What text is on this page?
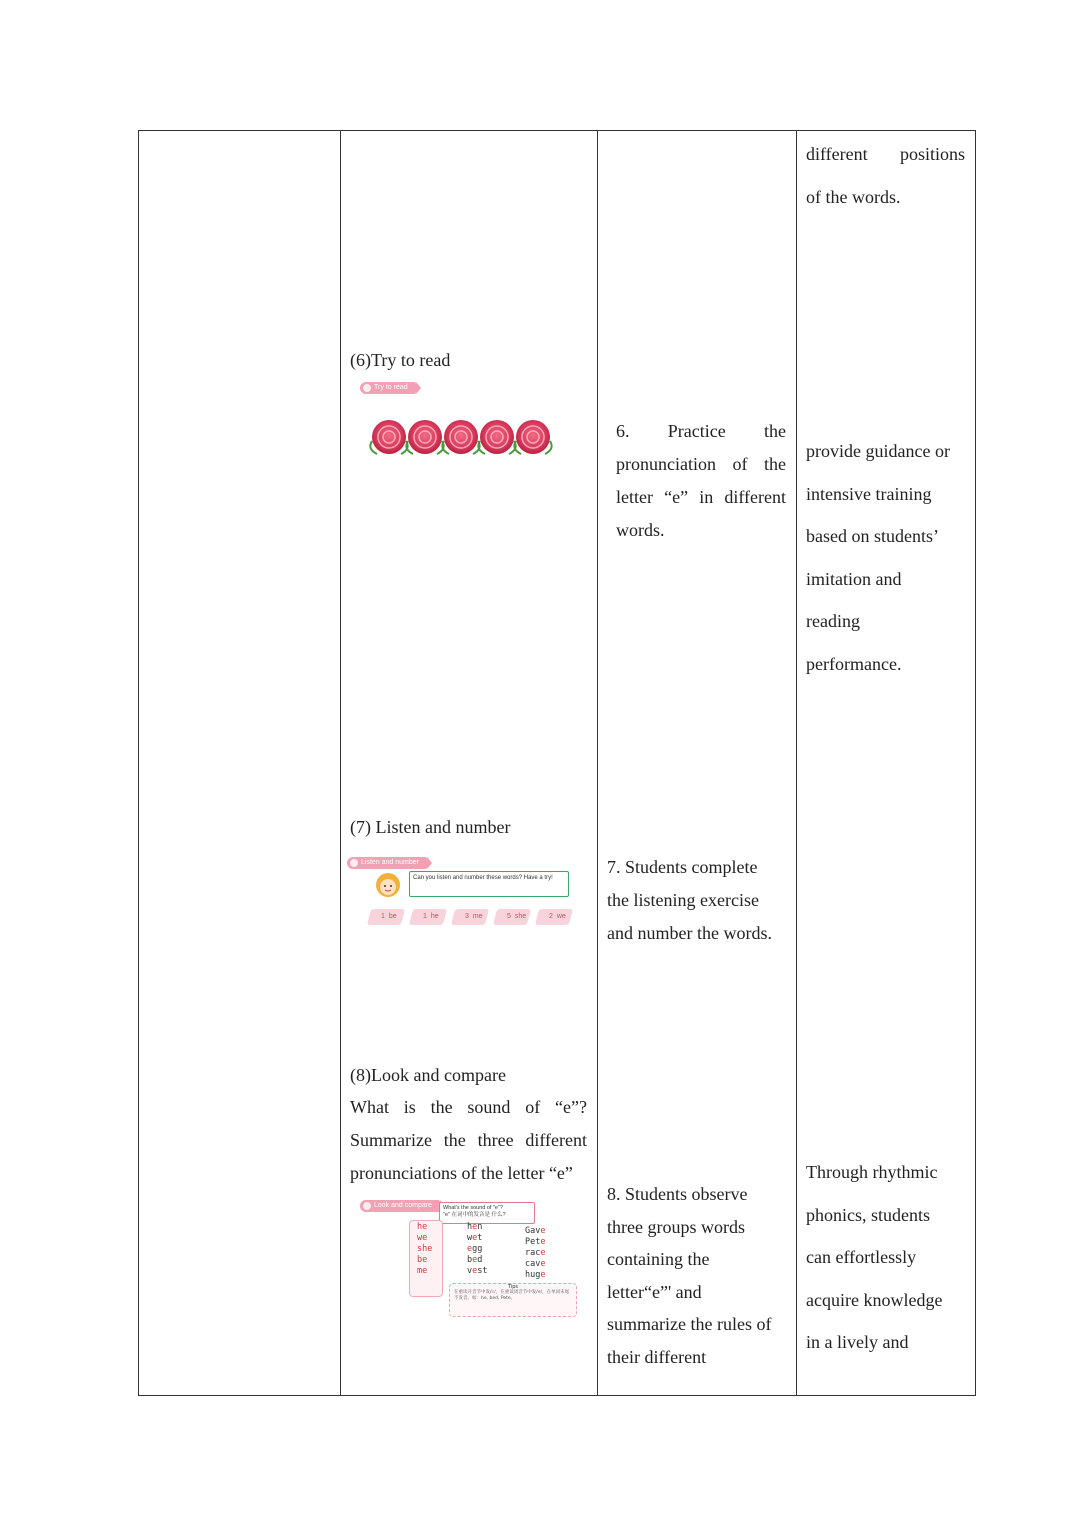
(6)Try to read
Try to read
(7) Listen and number
Listen and number
Can you listen and number these words? Have a try!
1 be	1 he	3 me	5 she	2 we
(8)Look and compare
What is the sound of “e”?
Summarize the three different
pronunciations of the letter “e”
Look and compare	What's the sound of "e"?
"e" 在词中的发音是 什么?
he
we
she
be
me
hen
wet
egg
bed
vest
Gave
Pete
race
cave
huge
Tips
在重读开音节中发/i:/，在重读闭音节中发/e/，在单词末尾不发音。如：he, bed, Pete。

6. Practice the
pronunciation of the
letter “e” in different
words.
7. Students complete
the listening exercise
and number the words.
8. Students observe
three groups words
containing the
letter“e”' and
summarize the rules of
their different

different positions
of the words.
provide guidance or
intensive training
based on students’
imitation and
reading
performance.
Through rhythmic
phonics, students
can effortlessly
acquire knowledge
in a lively and
